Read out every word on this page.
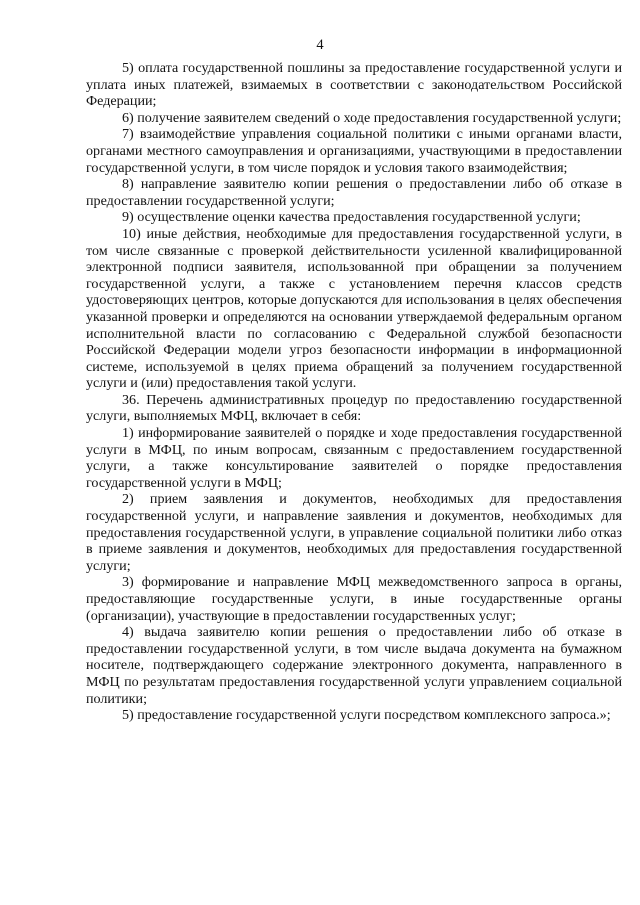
4

5) оплата государственной пошлины за предоставление государственной услуги и уплата иных платежей, взимаемых в соответствии с законодательством Российской Федерации;

6) получение заявителем сведений о ходе предоставления государственной услуги;

7) взаимодействие управления социальной политики с иными органами власти, органами местного самоуправления и организациями, участвующими в предоставлении государственной услуги, в том числе порядок и условия такого взаимодействия;

8) направление заявителю копии решения о предоставлении либо об отказе в предоставлении государственной услуги;

9) осуществление оценки качества предоставления государственной услуги;

10) иные действия, необходимые для предоставления государственной услуги, в том числе связанные с проверкой действительности усиленной квалифицированной электронной подписи заявителя, использованной при обращении за получением государственной услуги, а также с установлением перечня классов средств удостоверяющих центров, которые допускаются для использования в целях обеспечения указанной проверки и определяются на основании утверждаемой федеральным органом исполнительной власти по согласованию с Федеральной службой безопасности Российской Федерации модели угроз безопасности информации в информационной системе, используемой в целях приема обращений за получением государственной услуги и (или) предоставления такой услуги.

36. Перечень административных процедур по предоставлению государственной услуги, выполняемых МФЦ, включает в себя:

1) информирование заявителей о порядке и ходе предоставления государственной услуги в МФЦ, по иным вопросам, связанным с предоставлением государственной услуги, а также консультирование заявителей о порядке предоставления государственной услуги в МФЦ;

2) прием заявления и документов, необходимых для предоставления государственной услуги, и направление заявления и документов, необходимых для предоставления государственной услуги, в управление социальной политики либо отказ в приеме заявления и документов, необходимых для предоставления государственной услуги;

3) формирование и направление МФЦ межведомственного запроса в органы, предоставляющие государственные услуги, в иные государственные органы (организации), участвующие в предоставлении государственных услуг;

4) выдача заявителю копии решения о предоставлении либо об отказе в предоставлении государственной услуги, в том числе выдача документа на бумажном носителе, подтверждающего содержание электронного документа, направленного в МФЦ по результатам предоставления государственной услуги управлением социальной политики;

5) предоставление государственной услуги посредством комплексного запроса.»;
